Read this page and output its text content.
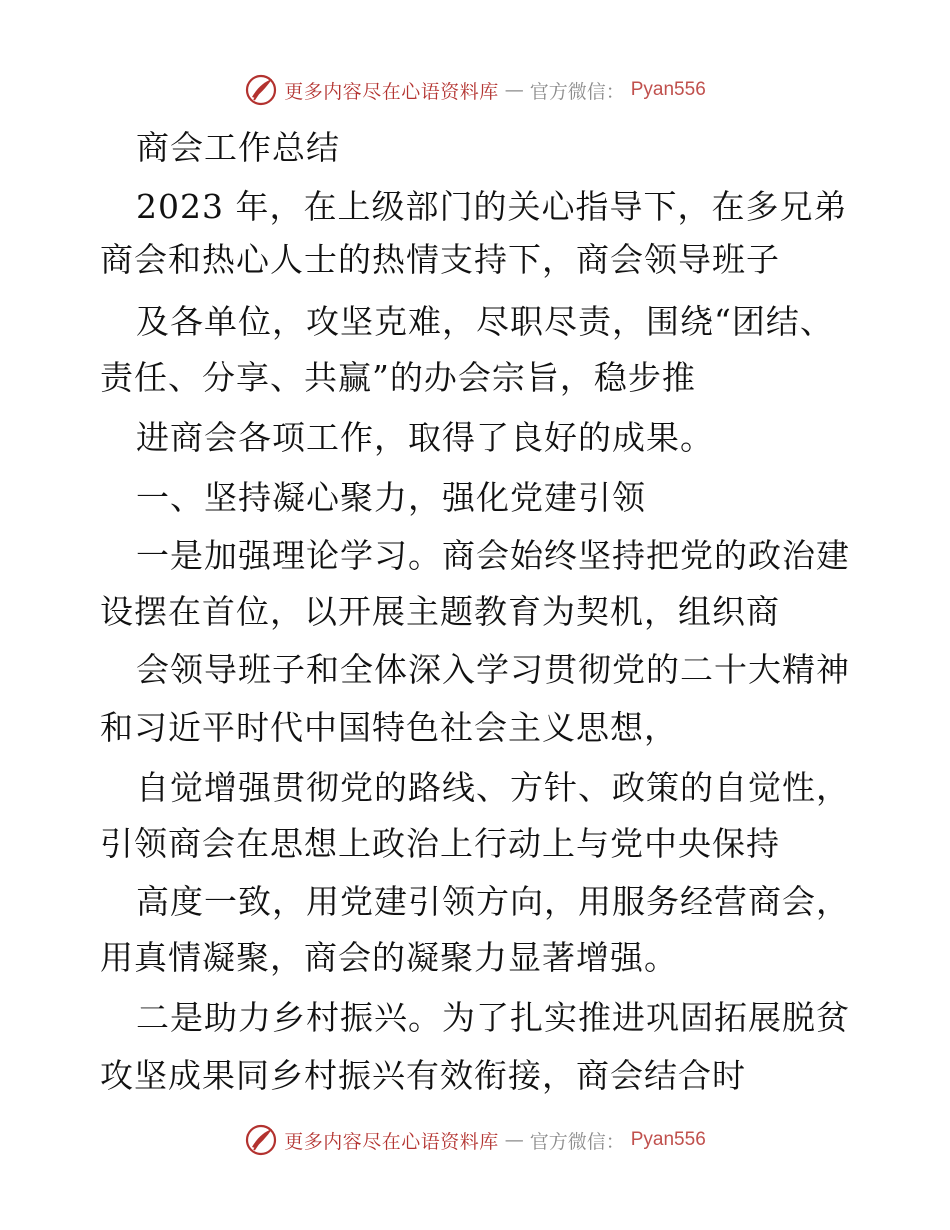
更多内容尽在心语资料库 — 官方微信： Pyan556
商会工作总结
2023 年，在上级部门的关心指导下，在多兄弟
商会和热心人士的热情支持下，商会领导班子
及各单位，攻坚克难，尽职尽责，围绕“团结、
责任、分享、共赢”的办会宗旨，稳步推
进商会各项工作，取得了良好的成果。
一、坚持凝心聚力，强化党建引领
一是加强理论学习。商会始终坚持把党的政治建
设摆在首位，以开展主题教育为契机，组织商
会领导班子和全体深入学习贯彻党的二十大精神
和习近平时代中国特色社会主义思想，
自觉增强贯彻党的路线、方针、政策的自觉性，
引领商会在思想上政治上行动上与党中央保持
高度一致，用党建引领方向，用服务经营商会，
用真情凝聚，商会的凝聚力显著增强。
二是助力乡村振兴。为了扎实推进巩固拓展脱贫
攻坚成果同乡村振兴有效衔接，商会结合时
更多内容尽在心语资料库 — 官方微信： Pyan556
